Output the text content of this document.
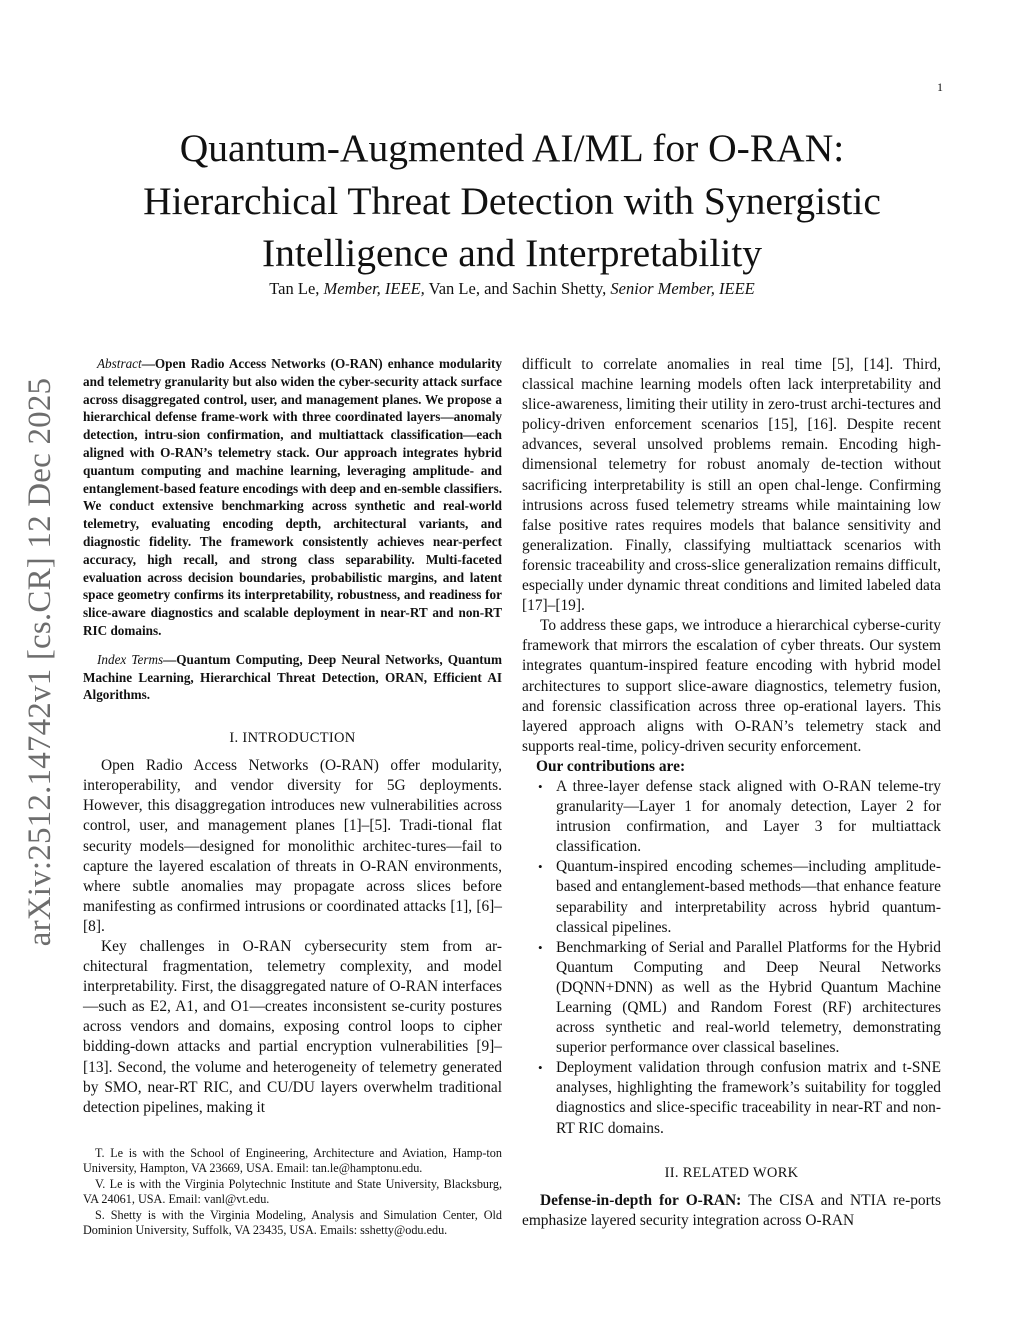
1
arXiv:2512.14742v1 [cs.CR] 12 Dec 2025
Quantum-Augmented AI/ML for O-RAN:
Hierarchical Threat Detection with Synergistic
Intelligence and Interpretability
Tan Le, Member, IEEE, Van Le, and Sachin Shetty, Senior Member, IEEE

Abstract—Open Radio Access Networks (O-RAN) enhance modularity and telemetry granularity but also widen the cyber-security attack surface across disaggregated control, user, and management planes. We propose a hierarchical defense frame-work with three coordinated layers—anomaly detection, intru-sion confirmation, and multiattack classification—each aligned with O-RAN’s telemetry stack. Our approach integrates hybrid quantum computing and machine learning, leveraging amplitude- and entanglement-based feature encodings with deep and en-semble classifiers. We conduct extensive benchmarking across synthetic and real-world telemetry, evaluating encoding depth, architectural variants, and diagnostic fidelity. The framework consistently achieves near-perfect accuracy, high recall, and strong class separability. Multi-faceted evaluation across decision boundaries, probabilistic margins, and latent space geometry confirms its interpretability, robustness, and readiness for slice-aware diagnostics and scalable deployment in near-RT and non-RT RIC domains.

Index Terms—Quantum Computing, Deep Neural Networks, Quantum Machine Learning, Hierarchical Threat Detection, ORAN, Efficient AI Algorithms.

I. INTRODUCTION

Open Radio Access Networks (O-RAN) offer modularity, interoperability, and vendor diversity for 5G deployments. However, this disaggregation introduces new vulnerabilities across control, user, and management planes [1]–[5]. Tradi-tional flat security models—designed for monolithic architec-tures—fail to capture the layered escalation of threats in O-RAN environments, where subtle anomalies may propagate across slices before manifesting as confirmed intrusions or coordinated attacks [1], [6]–[8].

Key challenges in O-RAN cybersecurity stem from ar-chitectural fragmentation, telemetry complexity, and model interpretability. First, the disaggregated nature of O-RAN interfaces—such as E2, A1, and O1—creates inconsistent se-curity postures across vendors and domains, exposing control loops to cipher bidding-down attacks and partial encryption vulnerabilities [9]–[13]. Second, the volume and heterogeneity of telemetry generated by SMO, near-RT RIC, and CU/DU layers overwhelm traditional detection pipelines, making it

T. Le is with the School of Engineering, Architecture and Aviation, Hamp-ton University, Hampton, VA 23669, USA. Email: tan.le@hamptonu.edu.

V. Le is with the Virginia Polytechnic Institute and State University, Blacksburg, VA 24061, USA. Email: vanl@vt.edu.

S. Shetty is with the Virginia Modeling, Analysis and Simulation Center, Old Dominion University, Suffolk, VA 23435, USA. Emails: sshetty@odu.edu.

difficult to correlate anomalies in real time [5], [14]. Third, classical machine learning models often lack interpretability and slice-awareness, limiting their utility in zero-trust archi-tectures and policy-driven enforcement scenarios [15], [16]. Despite recent advances, several unsolved problems remain. Encoding high-dimensional telemetry for robust anomaly de-tection without sacrificing interpretability is still an open chal-lenge. Confirming intrusions across fused telemetry streams while maintaining low false positive rates requires models that balance sensitivity and generalization. Finally, classifying multiattack scenarios with forensic traceability and cross-slice generalization remains difficult, especially under dynamic threat conditions and limited labeled data [17]–[19].

To address these gaps, we introduce a hierarchical cyberse-curity framework that mirrors the escalation of cyber threats. Our system integrates quantum-inspired feature encoding with hybrid model architectures to support slice-aware diagnostics, telemetry fusion, and forensic classification across three op-erational layers. This layered approach aligns with O-RAN’s telemetry stack and supports real-time, policy-driven security enforcement.

Our contributions are:

• A three-layer defense stack aligned with O-RAN teleme-try granularity—Layer 1 for anomaly detection, Layer 2 for intrusion confirmation, and Layer 3 for multiattack classification.
• Quantum-inspired encoding schemes—including amplitude-based and entanglement-based methods—that enhance feature separability and interpretability across hybrid quantum-classical pipelines.
• Benchmarking of Serial and Parallel Platforms for the Hybrid Quantum Computing and Deep Neural Networks (DQNN+DNN) as well as the Hybrid Quantum Machine Learning (QML) and Random Forest (RF) architectures across synthetic and real-world telemetry, demonstrating superior performance over classical baselines.
• Deployment validation through confusion matrix and t-SNE analyses, highlighting the framework’s suitability for toggled diagnostics and slice-specific traceability in near-RT and non-RT RIC domains.
II. RELATED WORK

Defense-in-depth for O-RAN: The CISA and NTIA re-ports emphasize layered security integration across O-RAN
